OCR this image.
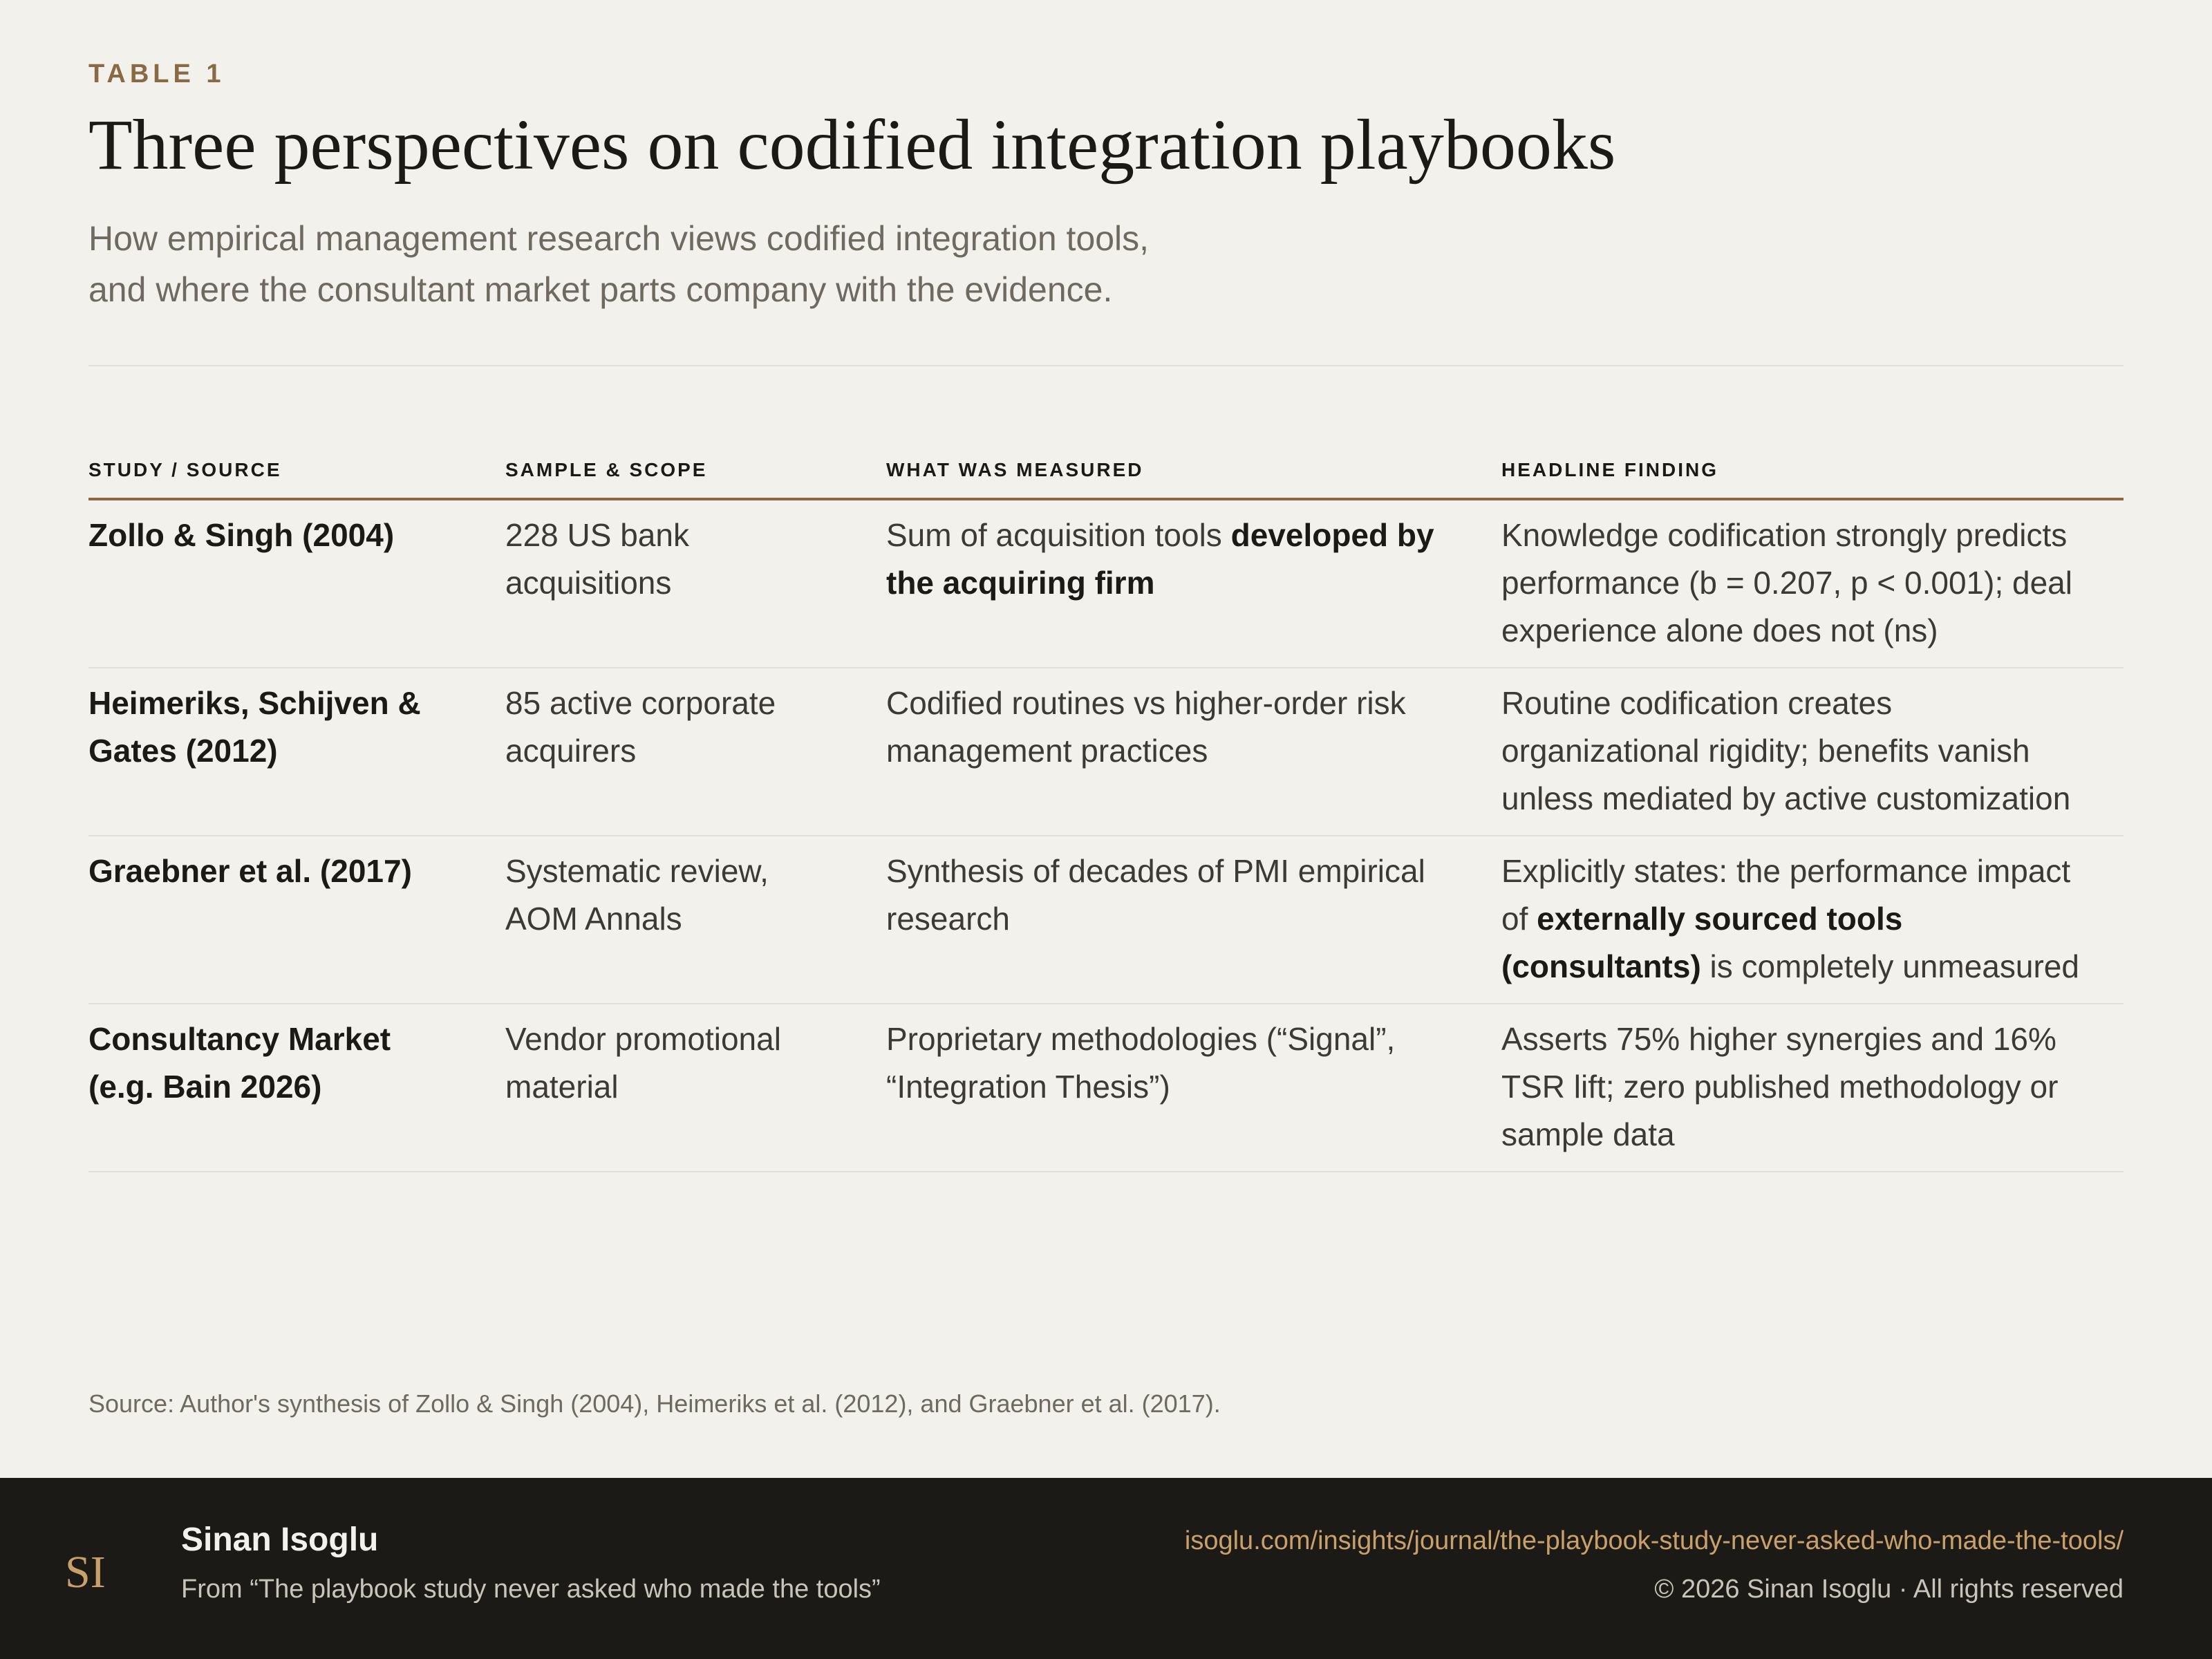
TABLE 1
Three perspectives on codified integration playbooks
How empirical management research views codified integration tools,
and where the consultant market parts company with the evidence.
STUDY / SOURCE	SAMPLE & SCOPE	WHAT WAS MEASURED	HEADLINE FINDING
Zollo & Singh (2004)	228 US bank acquisitions	Sum of acquisition tools developed by the acquiring firm	Knowledge codification strongly predicts performance (b = 0.207, p < 0.001); deal experience alone does not (ns)
Heimeriks, Schijven & Gates (2012)	85 active corporate acquirers	Codified routines vs higher-order risk management practices	Routine codification creates organizational rigidity; benefits vanish unless mediated by active customization
Graebner et al. (2017)	Systematic review, AOM Annals	Synthesis of decades of PMI empirical research	Explicitly states: the performance impact of externally sourced tools (consultants) is completely unmeasured
Consultancy Market (e.g. Bain 2026)	Vendor promotional material	Proprietary methodologies (“Signal”, “Integration Thesis”)	Asserts 75% higher synergies and 16% TSR lift; zero published methodology or sample data
Source: Author's synthesis of Zollo & Singh (2004), Heimeriks et al. (2012), and Graebner et al. (2017).
SI
Sinan Isoglu
From “The playbook study never asked who made the tools”
isoglu.com/insights/journal/the-playbook-study-never-asked-who-made-the-tools/
© 2026 Sinan Isoglu · All rights reserved
